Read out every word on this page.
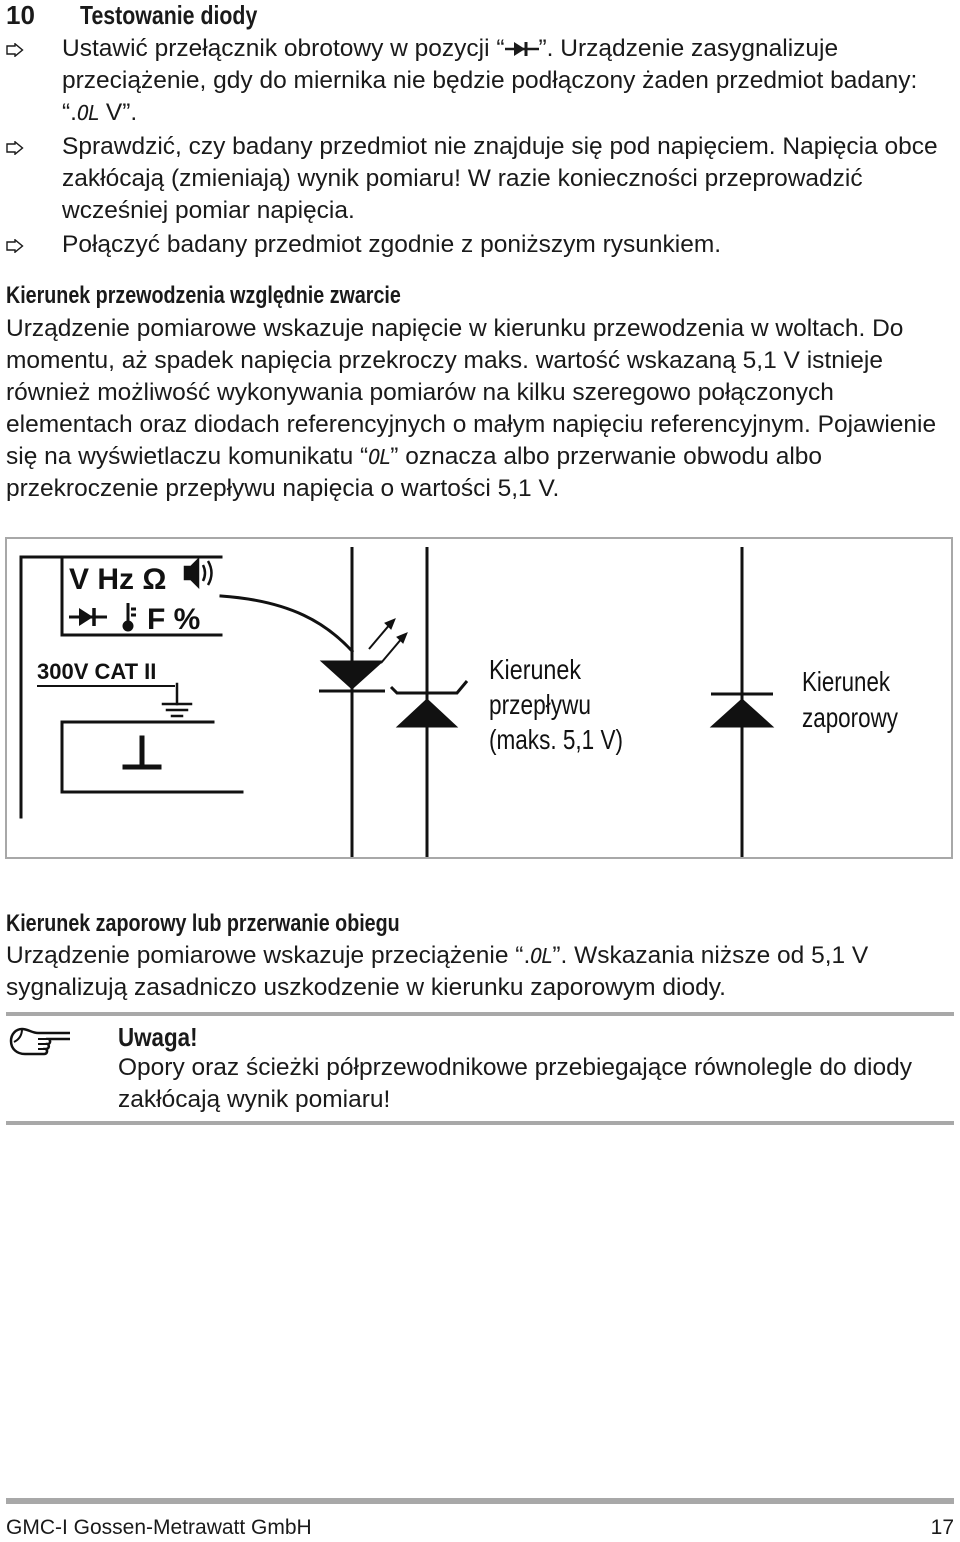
10 Testowanie diody
Ustawić przełącznik obrotowy w pozycji “ ”. Urządzenie zasygnalizuje przeciążenie, gdy do miernika nie będzie podłączony żaden przedmiot badany: “.OL V”.
Sprawdzić, czy badany przedmiot nie znajduje się pod napięciem. Napięcia obce zakłócają (zmieniają) wynik pomiaru! W razie konieczności przeprowadzić wcześniej pomiar napięcia.
Połączyć badany przedmiot zgodnie z poniższym rysunkiem.
Kierunek przewodzenia względnie zwarcie
Urządzenie pomiarowe wskazuje napięcie w kierunku przewodzenia w woltach. Do momentu, aż spadek napięcia przekroczy maks. wartość wskazaną 5,1 V istnieje również możliwość wykonywania pomiarów na kilku szeregowo połączonych elementach oraz diodach referencyjnych o małym napięciu referencyjnym. Pojawienie się na wyświetlaczu komunikatu “OL” oznacza albo przerwanie obwodu albo przekroczenie przepływu napięcia o wartości 5,1 V.
V Hz Ω
F %
300V CAT II	Kierunek przepływu (maks. 5,1 V)
Kierunek zaporowy
Kierunek zaporowy lub przerwanie obiegu
Urządzenie pomiarowe wskazuje przeciążenie “.OL”. Wskazania niższe od 5,1 V sygnalizują zasadniczo uszkodzenie w kierunku zaporowym diody.
Uwaga!
Opory oraz ścieżki półprzewodnikowe przebiegające równolegle do diody zakłócają wynik pomiaru!
GMC-I Gossen-Metrawatt GmbH	17
